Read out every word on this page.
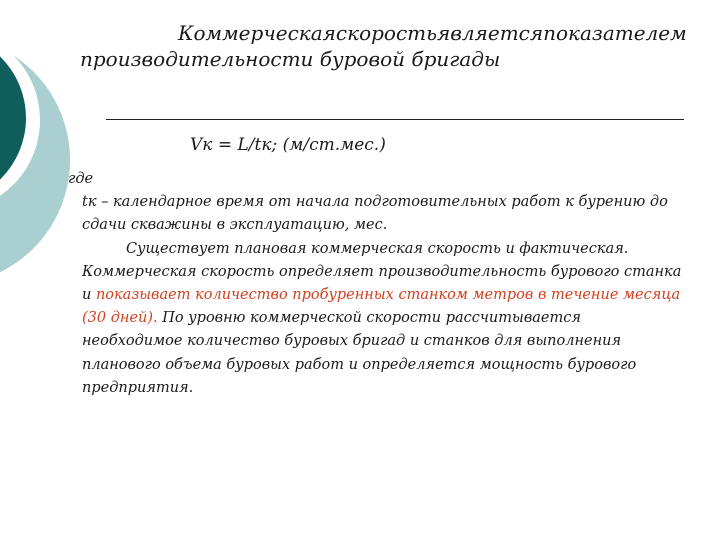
Коммерческая скорость является показателем
производительности буровой бригады
Vк = L/tк; (м/ст.мес.)
где
tк – календарное время от начала подготовительных работ к бурению до
сдачи скважины в эксплуатацию, мес.
Существует плановая коммерческая скорость и фактическая.
Коммерческая скорость определяет производительность бурового станка
и показывает количество пробуренных станком метров в течение месяца
(30 дней). По уровню коммерческой скорости рассчитывается
необходимое количество буровых бригад и станков для выполнения
планового объема буровых работ и определяется мощность бурового
предприятия.
